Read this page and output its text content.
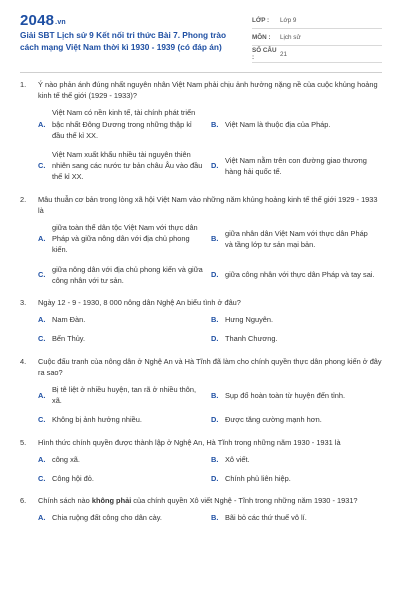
2048.vn
Giải SBT Lịch sử 9 Kết nối tri thức Bài 7. Phong trào cách mạng Việt Nam thời kì 1930 - 1939 (có đáp án)
LỚP :	Lớp 9
MÔN :	Lịch sử
SỐ CÂU :	21
1.	Ý nào phản ánh đúng nhất nguyên nhân Việt Nam phải chịu ảnh hưởng nặng nề của cuộc khủng hoảng kinh tế thế giới (1929 - 1933)?
A.
Việt Nam có nền kinh tế, tài chính phát triển bậc nhất Đông Dương trong những thập kỉ đầu thế kỉ XX.
B. Việt Nam là thuộc địa của Pháp.
C.
Việt Nam xuất khẩu nhiều tài nguyên thiên nhiên sang các nước tư bản châu Âu vào đầu thế kỉ XX.
D.
Việt Nam nằm trên con đường giao thương hàng hải quốc tế.
2.	Mâu thuẫn cơ bản trong lòng xã hội Việt Nam vào những năm khủng hoảng kinh tế thế giới 1929 - 1933 là
A.
giữa toàn thể dân tộc Việt Nam với thực dân Pháp và giữa nông dân với địa chủ phong kiến.
B.
giữa nhân dân Việt Nam với thực dân Pháp và tầng lớp tư sản mại bản.
C.
giữa nông dân với địa chủ phong kiến và giữa công nhân với tư sản.
D. giữa công nhân với thực dân Pháp và tay sai.
3.	Ngày 12 - 9 - 1930, 8 000 nông dân Nghệ An biểu tình ở đâu?
A. Nam Đàn.	B. Hưng Nguyên.
C. Bến Thủy.	D. Thanh Chương.
4.	Cuộc đấu tranh của nông dân ở Nghệ An và Hà Tĩnh đã làm cho chính quyền thực dân phong kiến ở đây ra sao?
A.
Bị tê liệt ở nhiều huyện, tan rã ở nhiều thôn, xã.
B. Sụp đổ hoàn toàn từ huyện đến tỉnh.
C. Không bị ảnh hưởng nhiều.	D. Được tăng cường mạnh hơn.
5.	Hình thức chính quyền được thành lập ở Nghệ An, Hà Tĩnh trong những năm 1930 - 1931 là
A. công xã.	B. Xô viết.
C. Công hội đỏ.	D. Chính phủ liên hiệp.
6.	Chính sách nào không phải của chính quyền Xô viết Nghệ - Tĩnh trong những năm 1930 - 1931?
A. Chia ruộng đất công cho dân cày.	B. Bãi bỏ các thứ thuế vô lí.
